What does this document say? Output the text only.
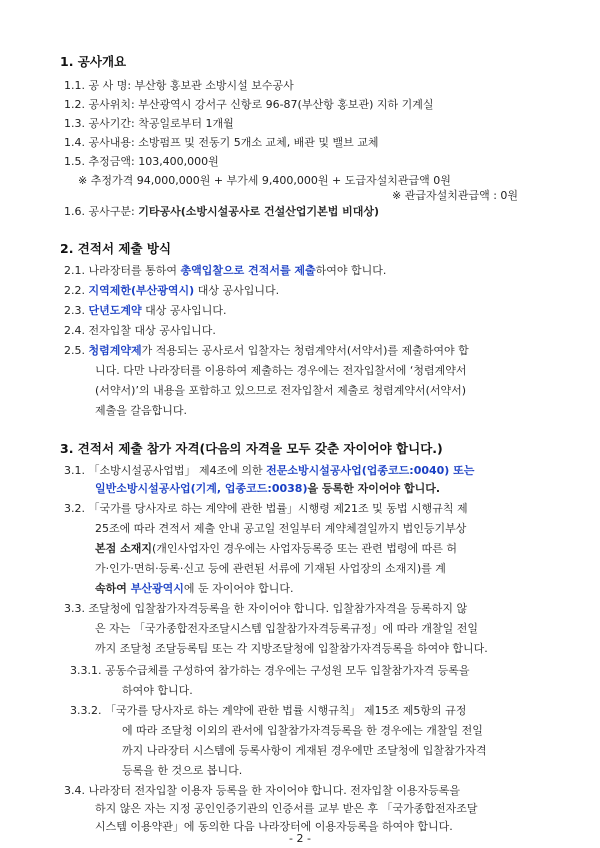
1. 공사개요
1.1. 공 사 명: 부산항 홍보관 소방시설 보수공사
1.2. 공사위치: 부산광역시 강서구 신항로 96-87(부산항 홍보관) 지하 기계실
1.3. 공사기간: 착공일로부터 1개월
1.4. 공사내용: 소방펌프 및 전동기 5개소 교체, 배관 및 밸브 교체
1.5. 추정금액: 103,400,000원
※ 추정가격 94,000,000원 + 부가세 9,400,000원 + 도급자설치관급액 0원
※ 관급자설치관급액 : 0원
1.6. 공사구분: 기타공사(소방시설공사로 건설산업기본법 비대상)
2. 견적서 제출 방식
2.1. 나라장터를 통하여 총액입찰으로 견적서를 제출하여야 합니다.
2.2. 지역제한(부산광역시) 대상 공사입니다.
2.3. 단년도계약 대상 공사입니다.
2.4. 전자입찰 대상 공사입니다.
2.5. 청렴계약제가 적용되는 공사로서 입찰자는 청렴계약서(서약서)를 제출하여야 합
니다. 다만 나라장터를 이용하여 제출하는 경우에는 전자입찰서에 ‘청렴계약서
(서약서)’의 내용을 포함하고 있으므로 전자입찰서 제출로 청렴계약서(서약서)
제출을 갈음합니다.
3. 견적서 제출 참가 자격(다음의 자격을 모두 갖춘 자이어야 합니다.)
3.1. 「소방시설공사업법」 제4조에 의한 전문소방시설공사업(업종코드:0040) 또는
일반소방시설공사업(기계, 업종코드:0038)을 등록한 자이어야 합니다.
3.2. 「국가를 당사자로 하는 계약에 관한 법률」시행령 제21조 및 동법 시행규칙 제
25조에 따라 견적서 제출 안내 공고일 전일부터 계약체결일까지 법인등기부상
본점 소재지(개인사업자인 경우에는 사업자등록증 또는 관련 법령에 따른 허
가·인가·면허·등록·신고 등에 관련된 서류에 기재된 사업장의 소재지)를 계
속하여 부산광역시에 둔 자이어야 합니다.
3.3. 조달청에 입찰참가자격등록을 한 자이어야 합니다. 입찰참가자격을 등록하지 않
은 자는 「국가종합전자조달시스템 입찰참가자격등록규정」에 따라 개찰일 전일
까지 조달청 조달등록팀 또는 각 지방조달청에 입찰참가자격등록을 하여야 합니다.
3.3.1. 공동수급체를 구성하여 참가하는 경우에는 구성원 모두 입찰참가자격 등록을
하여야 합니다.
3.3.2. 「국가를 당사자로 하는 계약에 관한 법률 시행규칙」 제15조 제5항의 규정
에 따라 조달청 이외의 관서에 입찰참가자격등록을 한 경우에는 개찰일 전일
까지 나라장터 시스템에 등록사항이 게재된 경우에만 조달청에 입찰참가자격
등록을 한 것으로 봅니다.
3.4. 나라장터 전자입찰 이용자 등록을 한 자이어야 합니다. 전자입찰 이용자등록을
하지 않은 자는 지정 공인인증기관의 인증서를 교부 받은 후 「국가종합전자조달
시스템 이용약관」에 동의한 다음 나라장터에 이용자등록을 하여야 합니다.
- 2 -
